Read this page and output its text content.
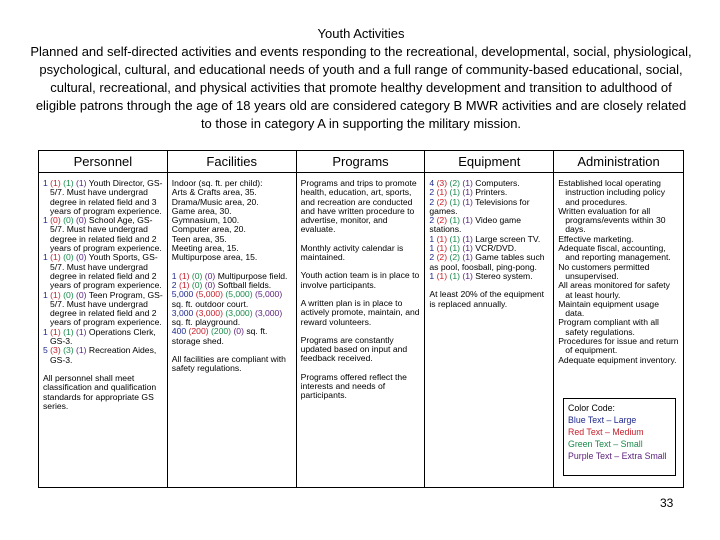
Youth Activities
Planned and self-directed activities and events responding to the recreational, developmental, social, physiological, psychological, cultural, and educational needs of youth and a full range of community-based educational, social, cultural, recreational, and physical activities that promote healthy development and transition to adulthood of eligible patrons through the age of 18 years old are considered category B MWR activities and are closely related to those in category A in supporting the military mission.
Personnel
1 (1) (1) (1) Youth Director, GS-5/7. Must have undergrad degree in related field and 3 years of program experience.
1 (0) (0) (0) School Age, GS-5/7. Must have undergrad degree in related field and 2 years of program experience.
1 (1) (0) (0) Youth Sports, GS-5/7. Must have undergrad degree in related field and 2 years of program experience.
1 (1) (0) (0) Teen Program, GS-5/7. Must have undergrad degree in related field and 2 years of program experience.
1 (1) (1) (1) Operations Clerk, GS-3.
5 (3) (3) (1) Recreation Aides, GS-3.
All personnel shall meet classification and qualification standards for appropriate GS series.
Facilities
Indoor (sq. ft. per child):
Arts & Crafts area, 35.
Drama/Music area, 20.
Game area, 30.
Gymnasium, 100.
Computer area, 20.
Teen area, 35.
Meeting area, 15.
Multipurpose area, 15.
1 (1) (0) (0) Multipurpose field.
2 (1) (0) (0) Softball fields.
5,000 (5,000) (5,000) (5,000) sq. ft. outdoor court.
3,000 (3,000) (3,000) (3,000) sq. ft. playground.
400 (200) (200) (0) sq. ft. storage shed.
All facilities are compliant with safety regulations.
Programs
Programs and trips to promote health, education, art, sports, and recreation are conducted and have written procedure to advertise, monitor, and evaluate.
Monthly activity calendar is maintained.
Youth action team is in place to involve participants.
A written plan is in place to actively promote, maintain, and reward volunteers.
Programs are constantly updated based on input and feedback received.
Programs offered reflect the interests and needs of participants.
Equipment
4 (3) (2) (1) Computers.
2 (1) (1) (1) Printers.
2 (2) (1) (1) Televisions for games.
2 (2) (1) (1) Video game stations.
1 (1) (1) (1) Large screen TV.
1 (1) (1) (1) VCR/DVD.
2 (2) (2) (1) Game tables such as pool, foosball, ping-pong.
1 (1) (1) (1) Stereo system.
At least 20% of the equipment is replaced annually.
Administration
Established local operating instruction including policy and procedures.
Written evaluation for all programs/events within 30 days.
Effective marketing.
Adequate fiscal, accounting, and reporting management.
No customers permitted unsupervised.
All areas monitored for safety at least hourly.
Maintain equipment usage data.
Program compliant with all safety regulations.
Procedures for issue and return of equipment.
Adequate equipment inventory.
Color Code:
Blue Text – Large
Red Text – Medium
Green Text – Small
Purple Text – Extra Small
33
